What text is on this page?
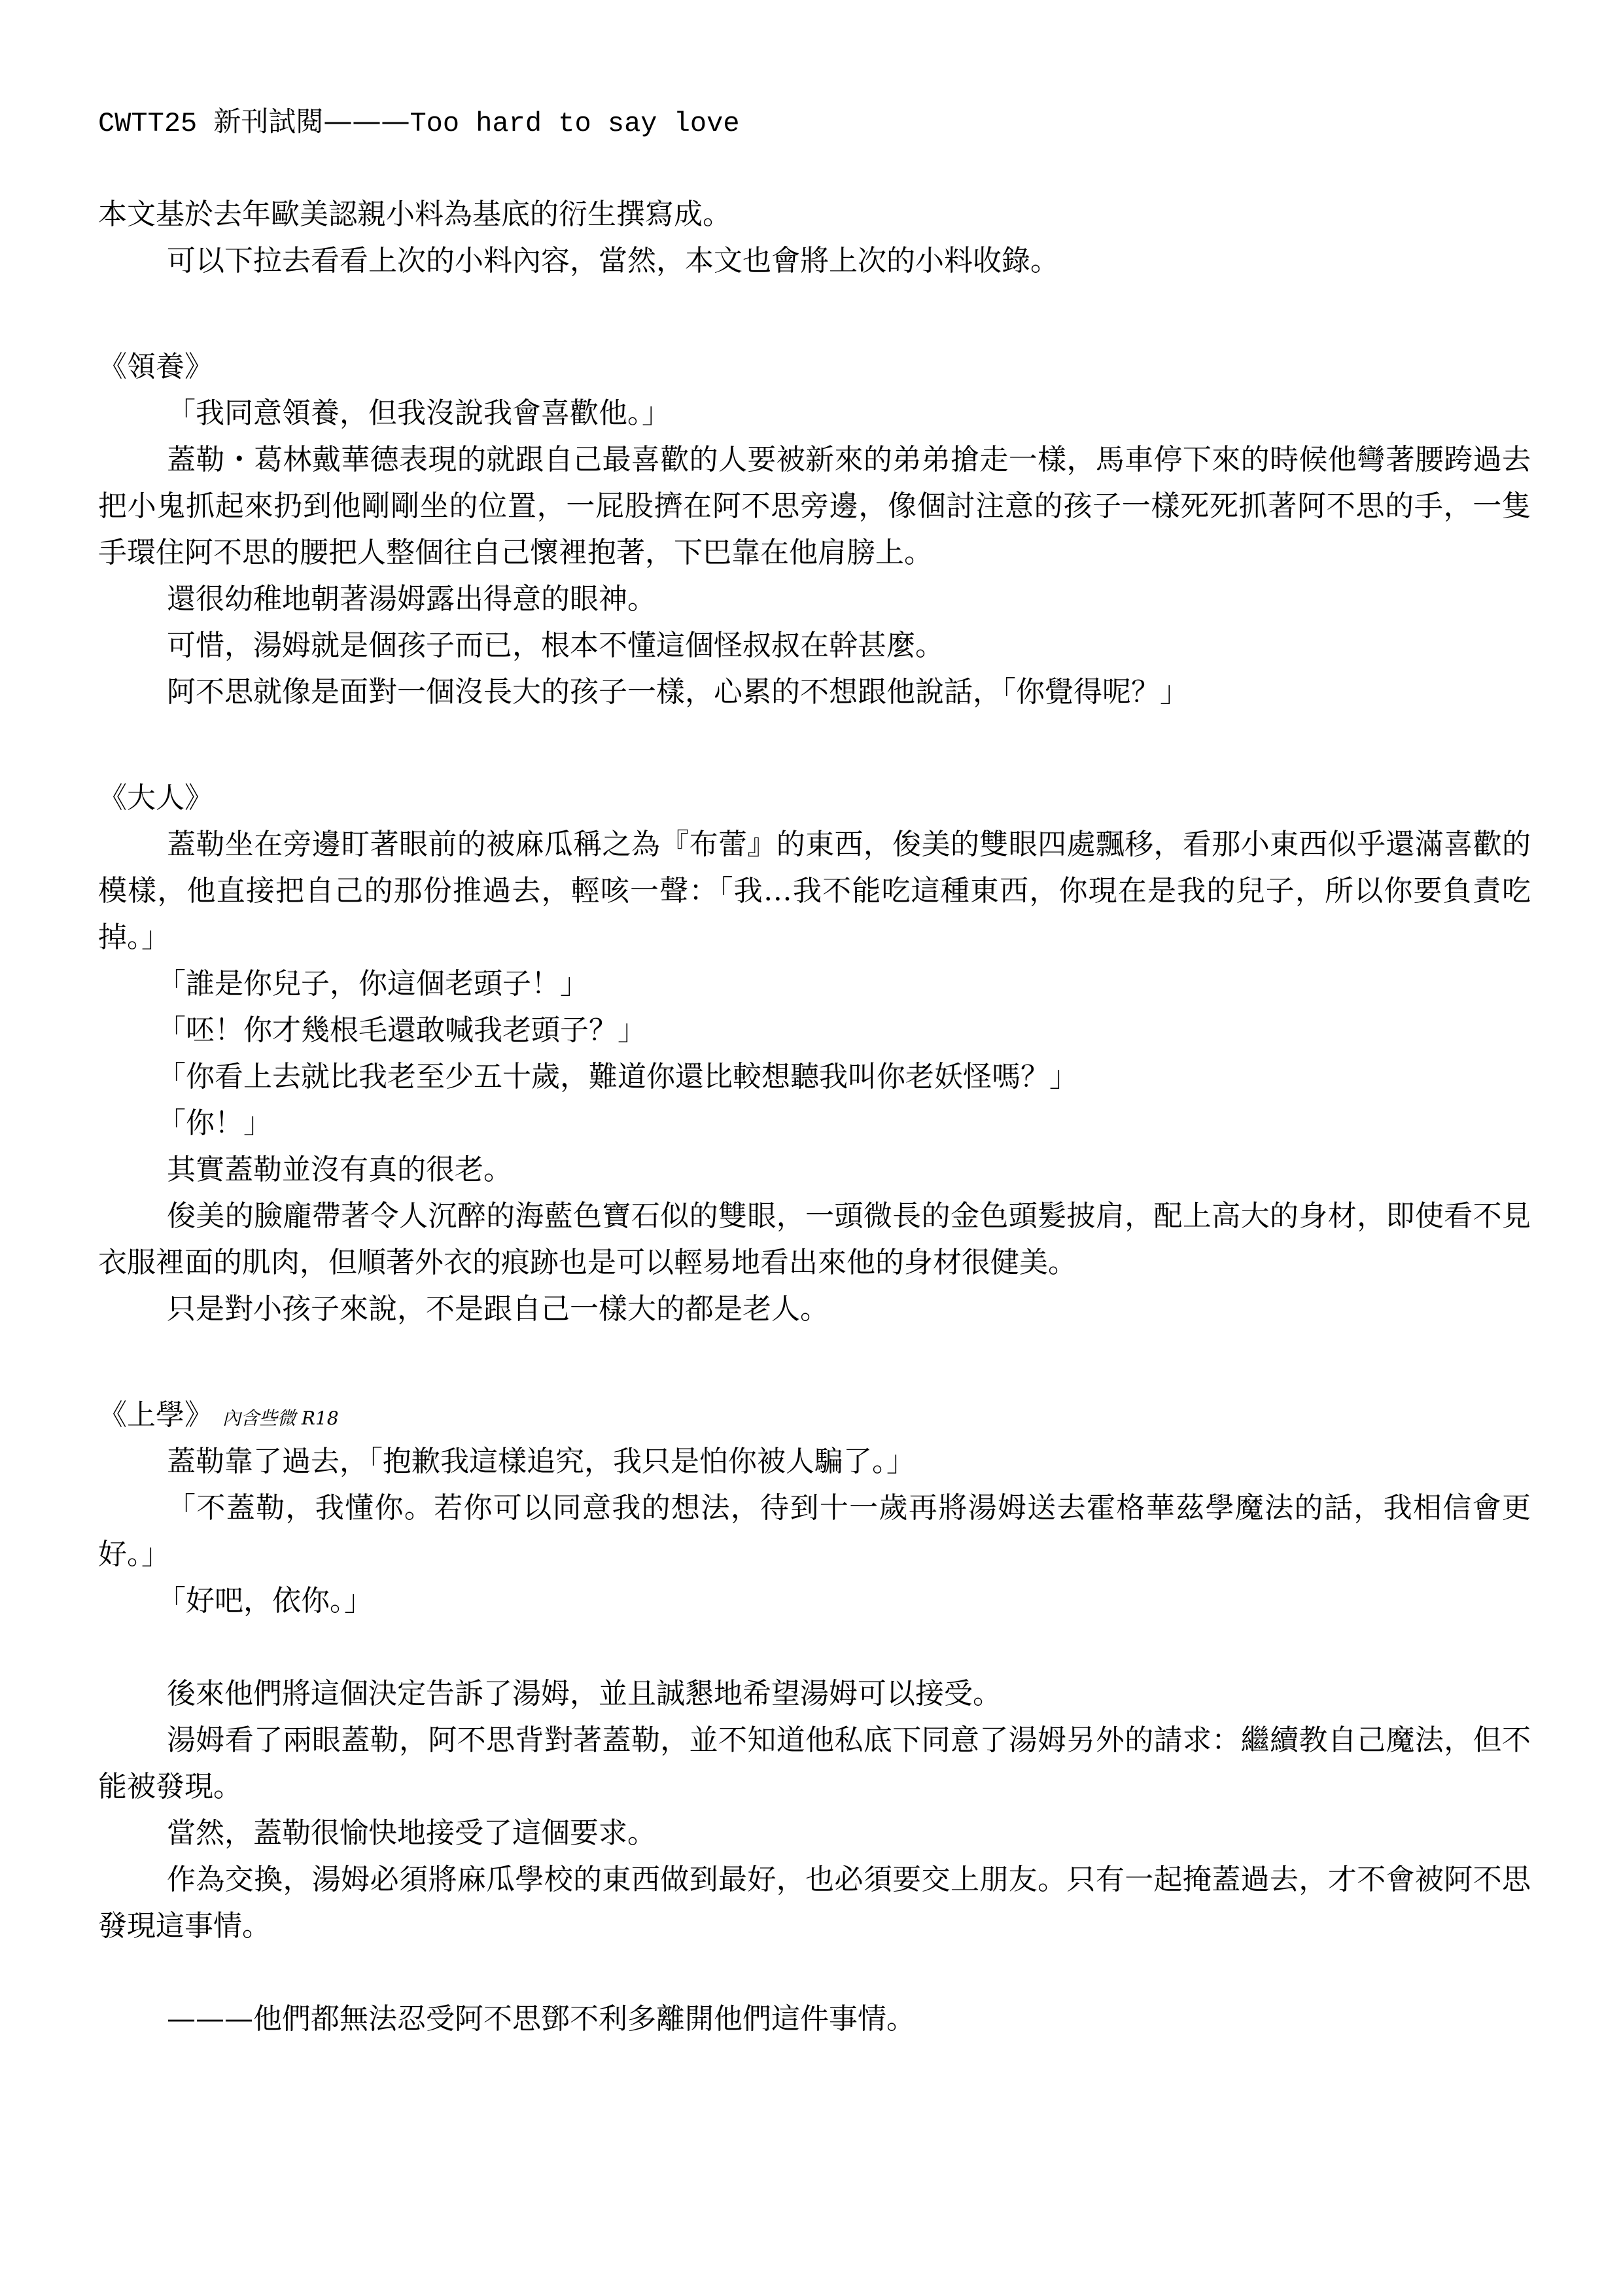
CWTT25 新刊試閱———Too hard to say love
本文基於去年歐美認親小料為基底的衍生撰寫成。
可以下拉去看看上次的小料內容，當然，本文也會將上次的小料收錄。
《領養》
「我同意領養，但我沒說我會喜歡他。」
蓋勒・葛林戴華德表現的就跟自己最喜歡的人要被新來的弟弟搶走一樣，馬車停下來的時候他彎著腰跨過去把小鬼抓起來扔到他剛剛坐的位置，一屁股擠在阿不思旁邊，像個討注意的孩子一樣死死抓著阿不思的手，一隻手環住阿不思的腰把人整個往自己懷裡抱著，下巴靠在他肩膀上。
還很幼稚地朝著湯姆露出得意的眼神。
可惜，湯姆就是個孩子而已，根本不懂這個怪叔叔在幹甚麼。
阿不思就像是面對一個沒長大的孩子一樣，心累的不想跟他說話，「你覺得呢？」
《大人》
蓋勒坐在旁邊盯著眼前的被麻瓜稱之為『布蕾』的東西，俊美的雙眼四處飄移，看那小東西似乎還滿喜歡的模樣，他直接把自己的那份推過去，輕咳一聲：「我…我不能吃這種東西，你現在是我的兒子，所以你要負責吃掉。」
「誰是你兒子，你這個老頭子！」
「呸！你才幾根毛還敢喊我老頭子？」
「你看上去就比我老至少五十歲，難道你還比較想聽我叫你老妖怪嗎？」
「你！」
其實蓋勒並沒有真的很老。
俊美的臉龐帶著令人沉醉的海藍色寶石似的雙眼，一頭微長的金色頭髮披肩，配上高大的身材，即使看不見衣服裡面的肌肉，但順著外衣的痕跡也是可以輕易地看出來他的身材很健美。
只是對小孩子來說，不是跟自己一樣大的都是老人。
《上學》 內含些微 R18
蓋勒靠了過去，「抱歉我這樣追究，我只是怕你被人騙了。」
「不蓋勒，我懂你。若你可以同意我的想法，待到十一歲再將湯姆送去霍格華茲學魔法的話，我相信會更好。」
「好吧，依你。」
後來他們將這個決定告訴了湯姆，並且誠懇地希望湯姆可以接受。
湯姆看了兩眼蓋勒，阿不思背對著蓋勒，並不知道他私底下同意了湯姆另外的請求：繼續教自己魔法，但不能被發現。
當然，蓋勒很愉快地接受了這個要求。
作為交換，湯姆必須將麻瓜學校的東西做到最好，也必須要交上朋友。只有一起掩蓋過去，才不會被阿不思發現這事情。
———他們都無法忍受阿不思鄧不利多離開他們這件事情。
